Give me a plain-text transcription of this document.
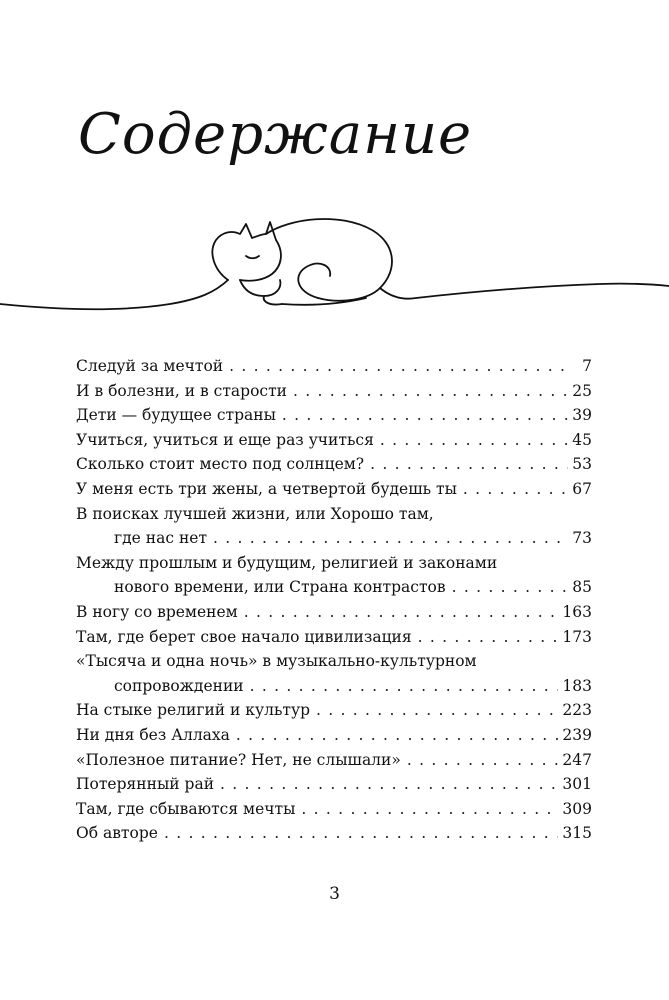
Содержание
Следуй за мечтой . . .	7
И в болезни, и в старости . . .	25
Дети — будущее страны . . .	39
Учиться, учиться и еще раз учиться . . .	45
Сколько стоит место под солнцем? . . .	53
У меня есть три жены, а четвертой будешь ты . . .	67
В поисках лучшей жизни, или Хорошо там,
где нас нет . . .	73
Между прошлым и будущим, религией и законами
нового времени, или Страна контрастов . . .	85
В ногу со временем . . .	163
Там, где берет свое начало цивилизация . . .	173
«Тысяча и одна ночь» в музыкально-культурном
сопровождении . . .	183
На стыке религий и культур . . .	223
Ни дня без Аллаха . . .	239
«Полезное питание? Нет, не слышали» . . .	247
Потерянный рай . . .	301
Там, где сбываются мечты . . .	309
Об авторе . . .	315
3
